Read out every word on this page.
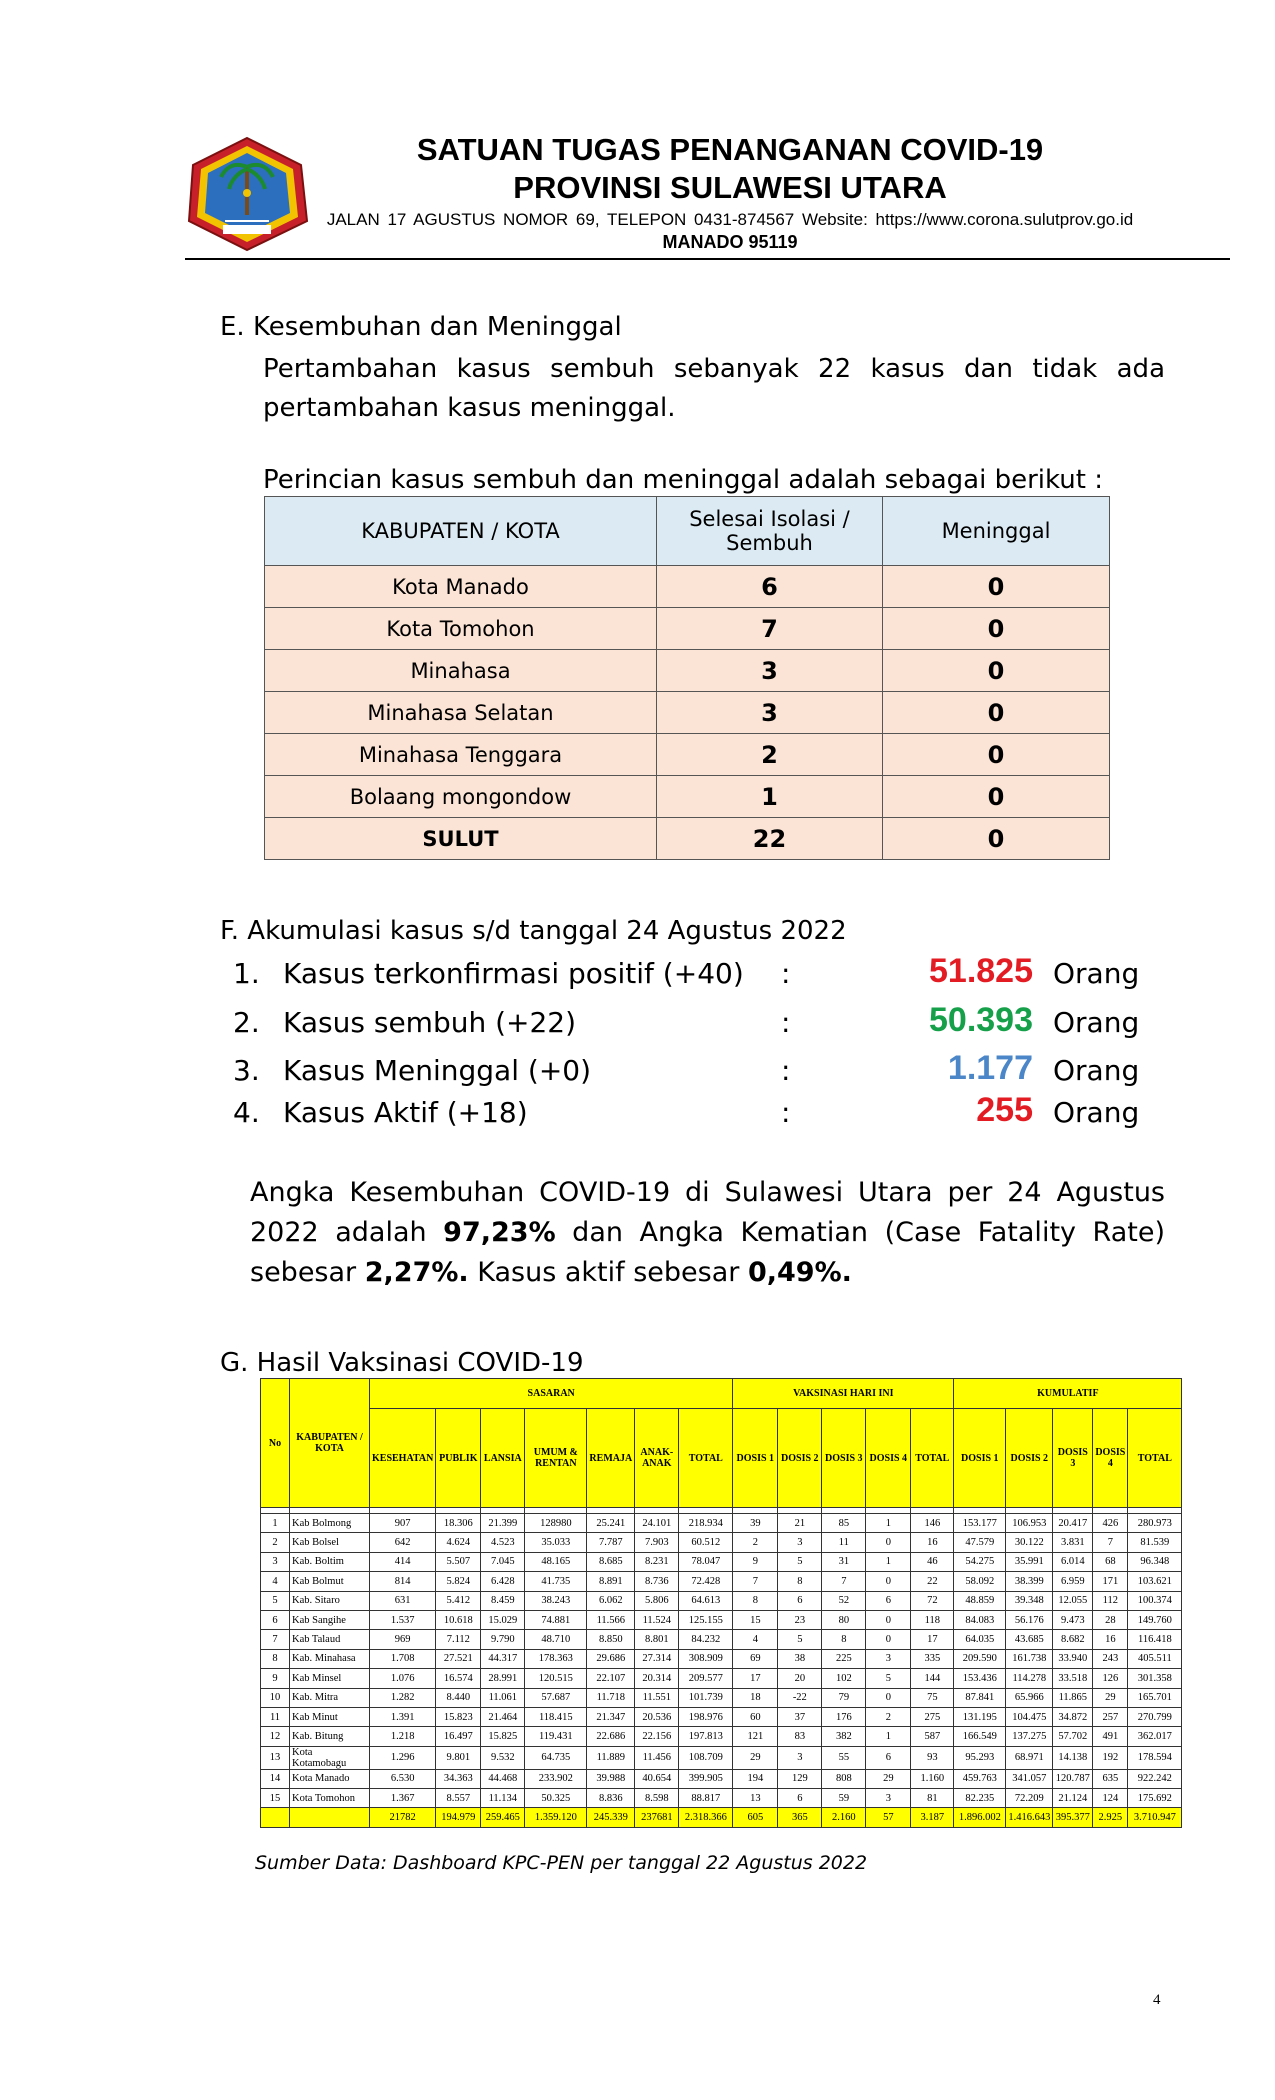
SATUAN TUGAS PENANGANAN COVID-19
PROVINSI SULAWESI UTARA
JALAN 17 AGUSTUS NOMOR 69, TELEPON 0431-874567 Website: https://www.corona.sulutprov.go.id
MANADO 95119
E. Kesembuhan dan Meninggal
Pertambahan kasus sembuh sebanyak 22 kasus dan tidak ada pertambahan kasus meninggal.
Perincian kasus sembuh dan meninggal adalah sebagai berikut :
KABUPATEN / KOTA	Selesai Isolasi / Sembuh	Meninggal
Kota Manado	6	0
Kota Tomohon	7	0
Minahasa	3	0
Minahasa Selatan	3	0
Minahasa Tenggara	2	0
Bolaang mongondow	1	0
SULUT	22	0
F. Akumulasi kasus s/d tanggal 24 Agustus 2022
1. Kasus terkonfirmasi positif (+40) :	51.825 Orang
2. Kasus sembuh (+22)	:	50.393 Orang
3. Kasus Meninggal (+0)	:	1.177 Orang
4. Kasus Aktif (+18)	:	255 Orang
Angka Kesembuhan COVID-19 di Sulawesi Utara per 24 Agustus 2022 adalah 97,23% dan Angka Kematian (Case Fatality Rate) sebesar 2,27%. Kasus aktif sebesar 0,49%.
G. Hasil Vaksinasi COVID-19
No	KABUPATEN / KOTA	SASARAN							VAKSINASI HARI INI					KUMULATIF				
		KESEHATAN	PUBLIK	LANSIA	UMUM & RENTAN	REMAJA	ANAK-ANAK	TOTAL	DOSIS 1	DOSIS 2	DOSIS 3	DOSIS 4	TOTAL	DOSIS 1	DOSIS 2	DOSIS 3	DOSIS 4	TOTAL

1	Kab Bolmong	907	18.306	21.399	128980	25.241	24.101	218.934	39	21	85	1	146	153.177	106.953	20.417	426	280.973
2	Kab Bolsel	642	4.624	4.523	35.033	7.787	7.903	60.512	2	3	11	0	16	47.579	30.122	3.831	7	81.539
3	Kab. Boltim	414	5.507	7.045	48.165	8.685	8.231	78.047	9	5	31	1	46	54.275	35.991	6.014	68	96.348
4	Kab Bolmut	814	5.824	6.428	41.735	8.891	8.736	72.428	7	8	7	0	22	58.092	38.399	6.959	171	103.621
5	Kab. Sitaro	631	5.412	8.459	38.243	6.062	5.806	64.613	8	6	52	6	72	48.859	39.348	12.055	112	100.374
6	Kab Sangihe	1.537	10.618	15.029	74.881	11.566	11.524	125.155	15	23	80	0	118	84.083	56.176	9.473	28	149.760
7	Kab Talaud	969	7.112	9.790	48.710	8.850	8.801	84.232	4	5	8	0	17	64.035	43.685	8.682	16	116.418
8	Kab. Minahasa	1.708	27.521	44.317	178.363	29.686	27.314	308.909	69	38	225	3	335	209.590	161.738	33.940	243	405.511
9	Kab Minsel	1.076	16.574	28.991	120.515	22.107	20.314	209.577	17	20	102	5	144	153.436	114.278	33.518	126	301.358
10	Kab. Mitra	1.282	8.440	11.061	57.687	11.718	11.551	101.739	18	-22	79	0	75	87.841	65.966	11.865	29	165.701
11	Kab Minut	1.391	15.823	21.464	118.415	21.347	20.536	198.976	60	37	176	2	275	131.195	104.475	34.872	257	270.799
12	Kab. Bitung	1.218	16.497	15.825	119.431	22.686	22.156	197.813	121	83	382	1	587	166.549	137.275	57.702	491	362.017
13	Kota Kotamobagu	1.296	9.801	9.532	64.735	11.889	11.456	108.709	29	3	55	6	93	95.293	68.971	14.138	192	178.594
14	Kota Manado	6.530	34.363	44.468	233.902	39.988	40.654	399.905	194	129	808	29	1.160	459.763	341.057	120.787	635	922.242
15	Kota Tomohon	1.367	8.557	11.134	50.325	8.836	8.598	88.817	13	6	59	3	81	82.235	72.209	21.124	124	175.692
		21782	194.979	259.465	1.359.120	245.339	237681	2.318.366	605	365	2.160	57	3.187	1.896.002	1.416.643	395.377	2.925	3.710.947
Sumber Data: Dashboard KPC-PEN per tanggal 22 Agustus 2022
4
